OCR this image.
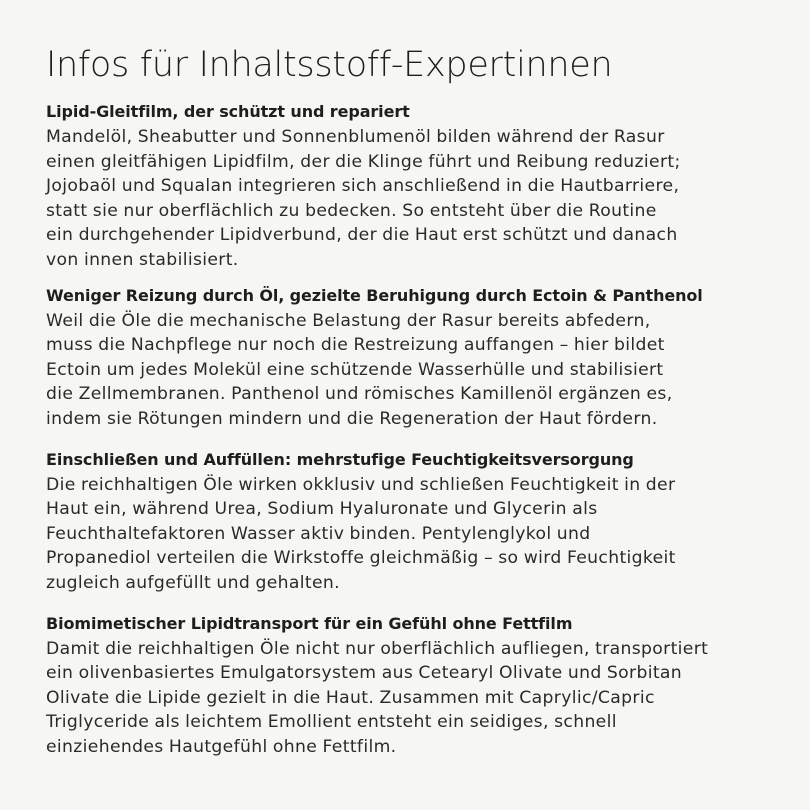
Infos für Inhaltsstoff-Expertinnen
Lipid-Gleitfilm, der schützt und repariert

Mandelöl, Sheabutter und Sonnenblumenöl bilden während der Rasur
einen gleitfähigen Lipidfilm, der die Klinge führt und Reibung reduziert;
Jojobaöl und Squalan integrieren sich anschließend in die Hautbarriere,
statt sie nur oberflächlich zu bedecken. So entsteht über die Routine
ein durchgehender Lipidverbund, der die Haut erst schützt und danach
von innen stabilisiert.

Weniger Reizung durch Öl, gezielte Beruhigung durch Ectoin & Panthenol

Weil die Öle die mechanische Belastung der Rasur bereits abfedern,
muss die Nachpflege nur noch die Restreizung auffangen – hier bildet
Ectoin um jedes Molekül eine schützende Wasserhülle und stabilisiert
die Zellmembranen. Panthenol und römisches Kamillenöl ergänzen es,
indem sie Rötungen mindern und die Regeneration der Haut fördern.

Einschließen und Auffüllen: mehrstufige Feuchtigkeitsversorgung

Die reichhaltigen Öle wirken okklusiv und schließen Feuchtigkeit in der
Haut ein, während Urea, Sodium Hyaluronate und Glycerin als
Feuchthaltefaktoren Wasser aktiv binden. Pentylenglykol und
Propanediol verteilen die Wirkstoffe gleichmäßig – so wird Feuchtigkeit
zugleich aufgefüllt und gehalten.

Biomimetischer Lipidtransport für ein Gefühl ohne Fettfilm

Damit die reichhaltigen Öle nicht nur oberflächlich aufliegen, transportiert
ein olivenbasiertes Emulgatorsystem aus Cetearyl Olivate und Sorbitan
Olivate die Lipide gezielt in die Haut. Zusammen mit Caprylic/Capric
Triglyceride als leichtem Emollient entsteht ein seidiges, schnell
einziehendes Hautgefühl ohne Fettfilm.
